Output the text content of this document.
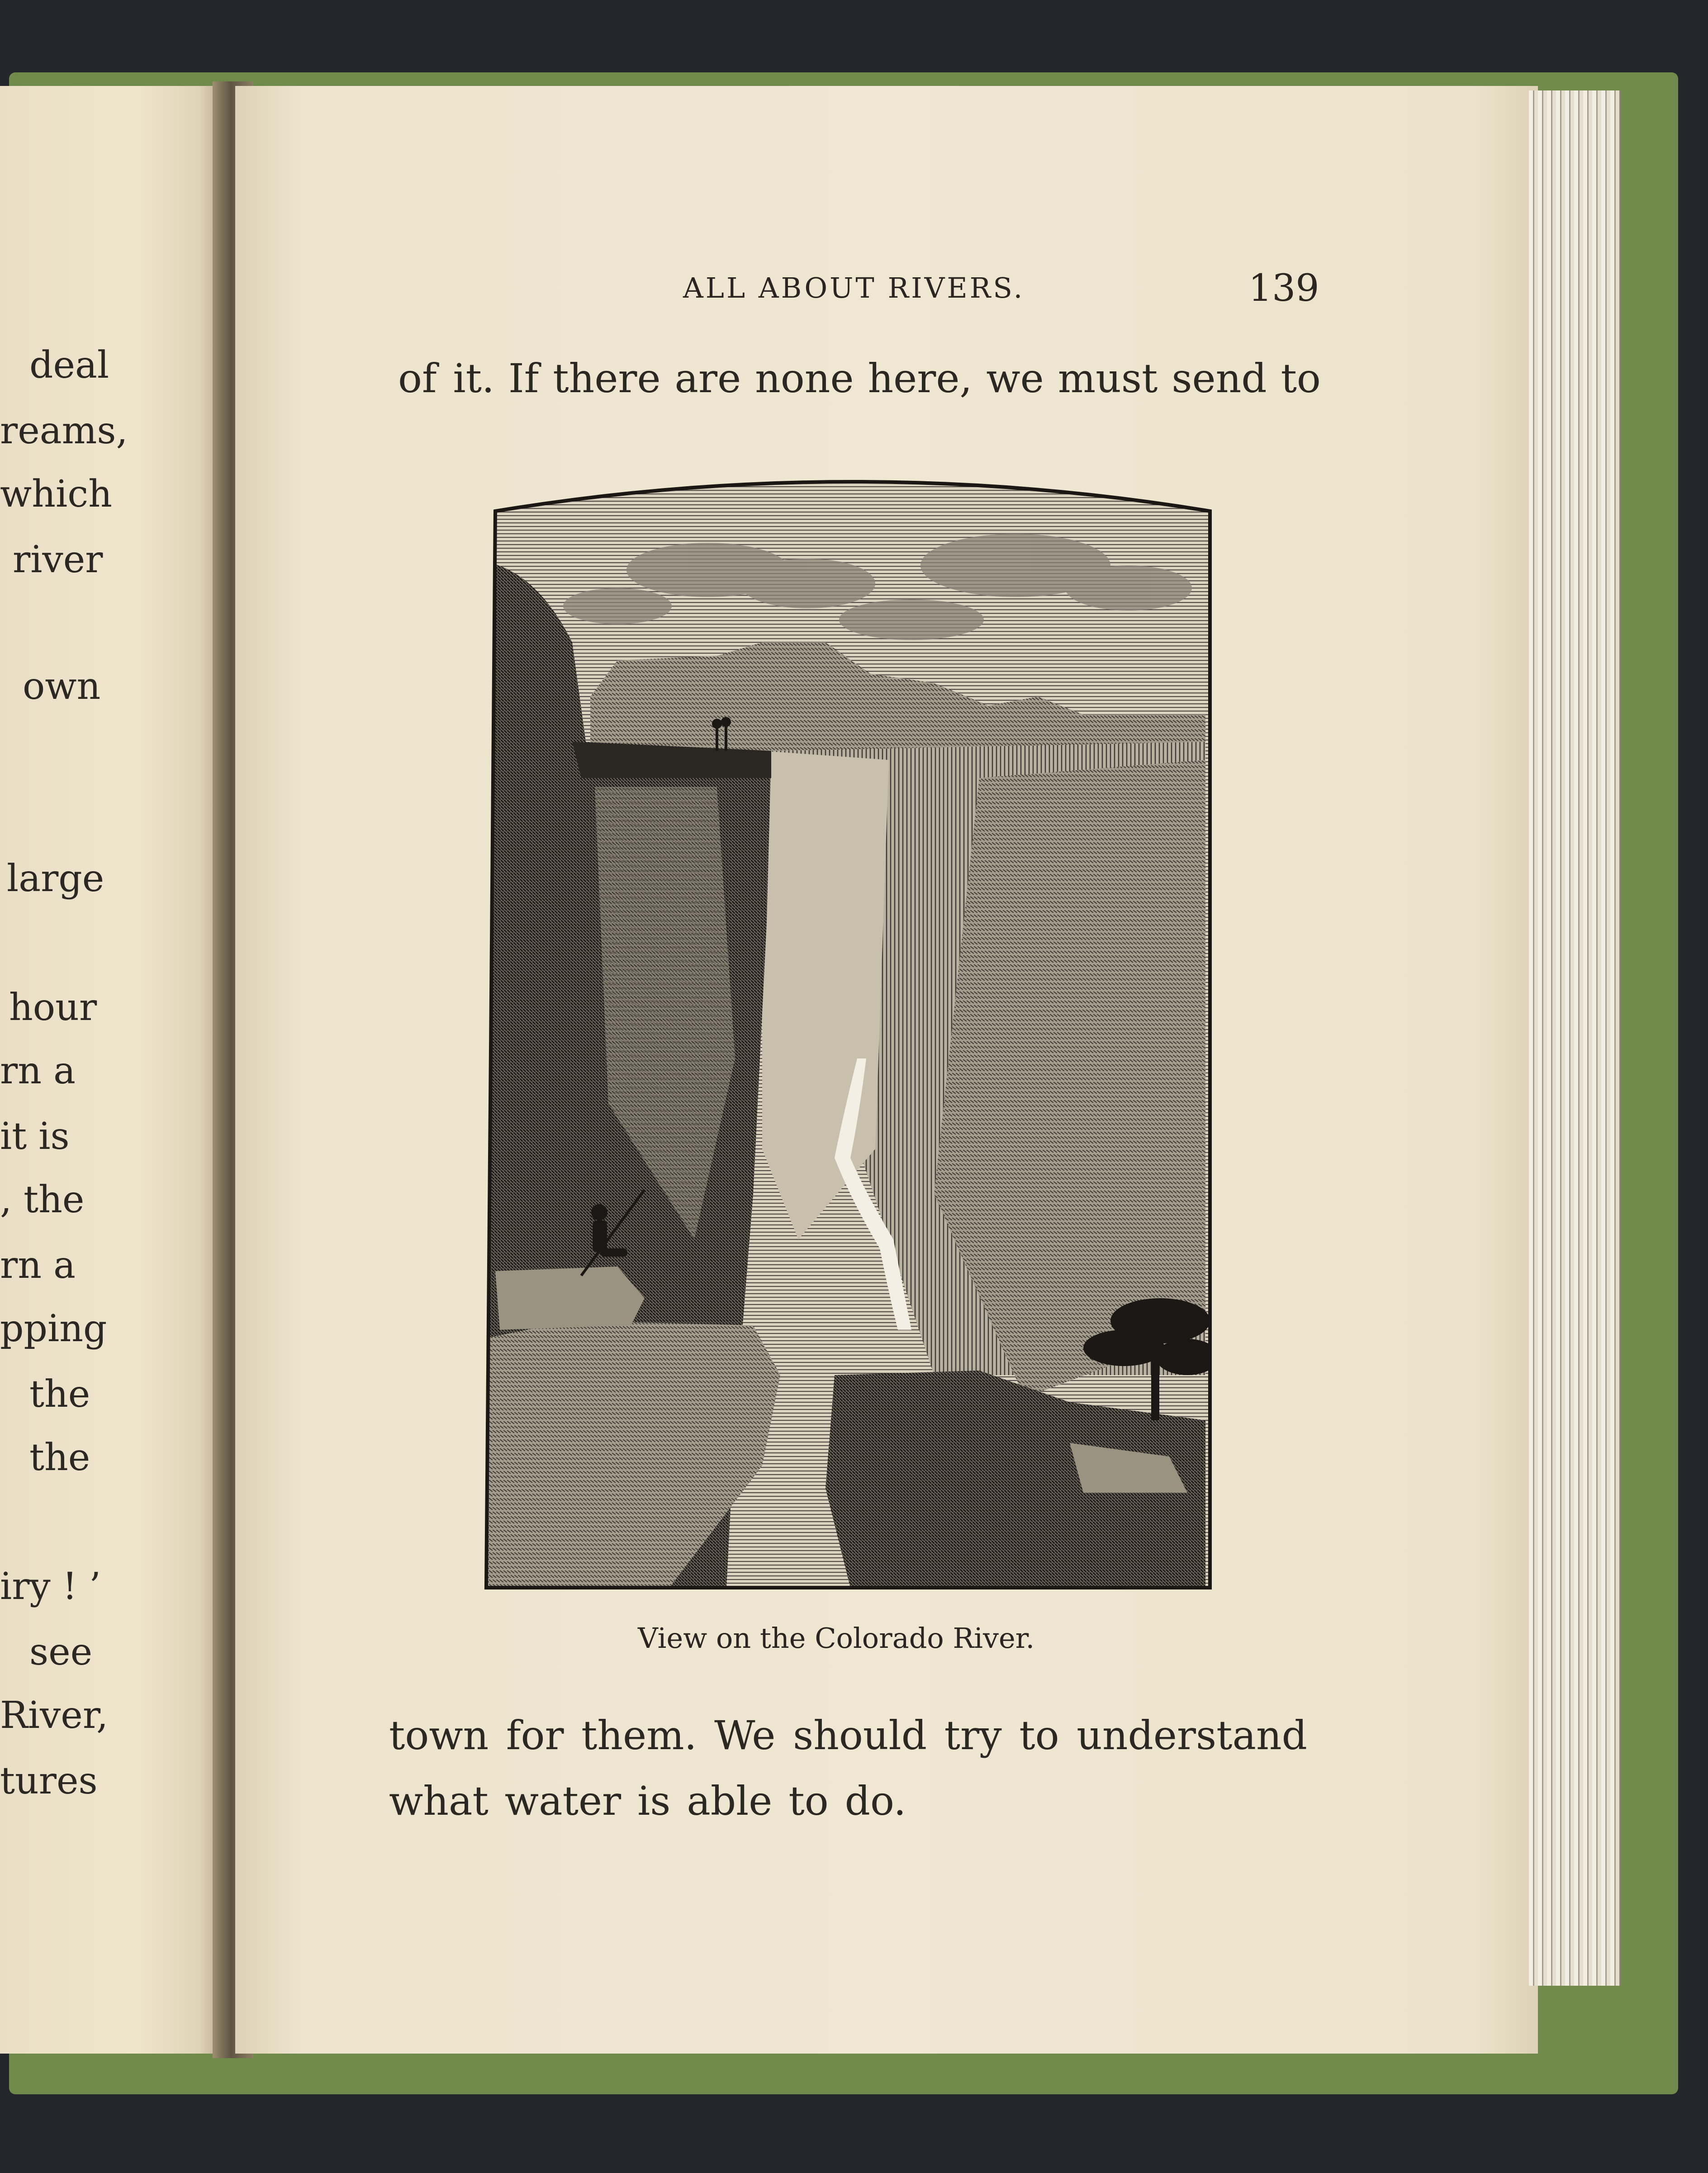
deal
reams,
which
river
own
large
hour
rn a
it is
, the
rn a
pping
the
the
iry ! ’
see
River,
tures
ALL ABOUT RIVERS.	139
of it. If there are none here, we must send to
View on the Colorado River.
town for them. We should try to understand
what water is able to do.
